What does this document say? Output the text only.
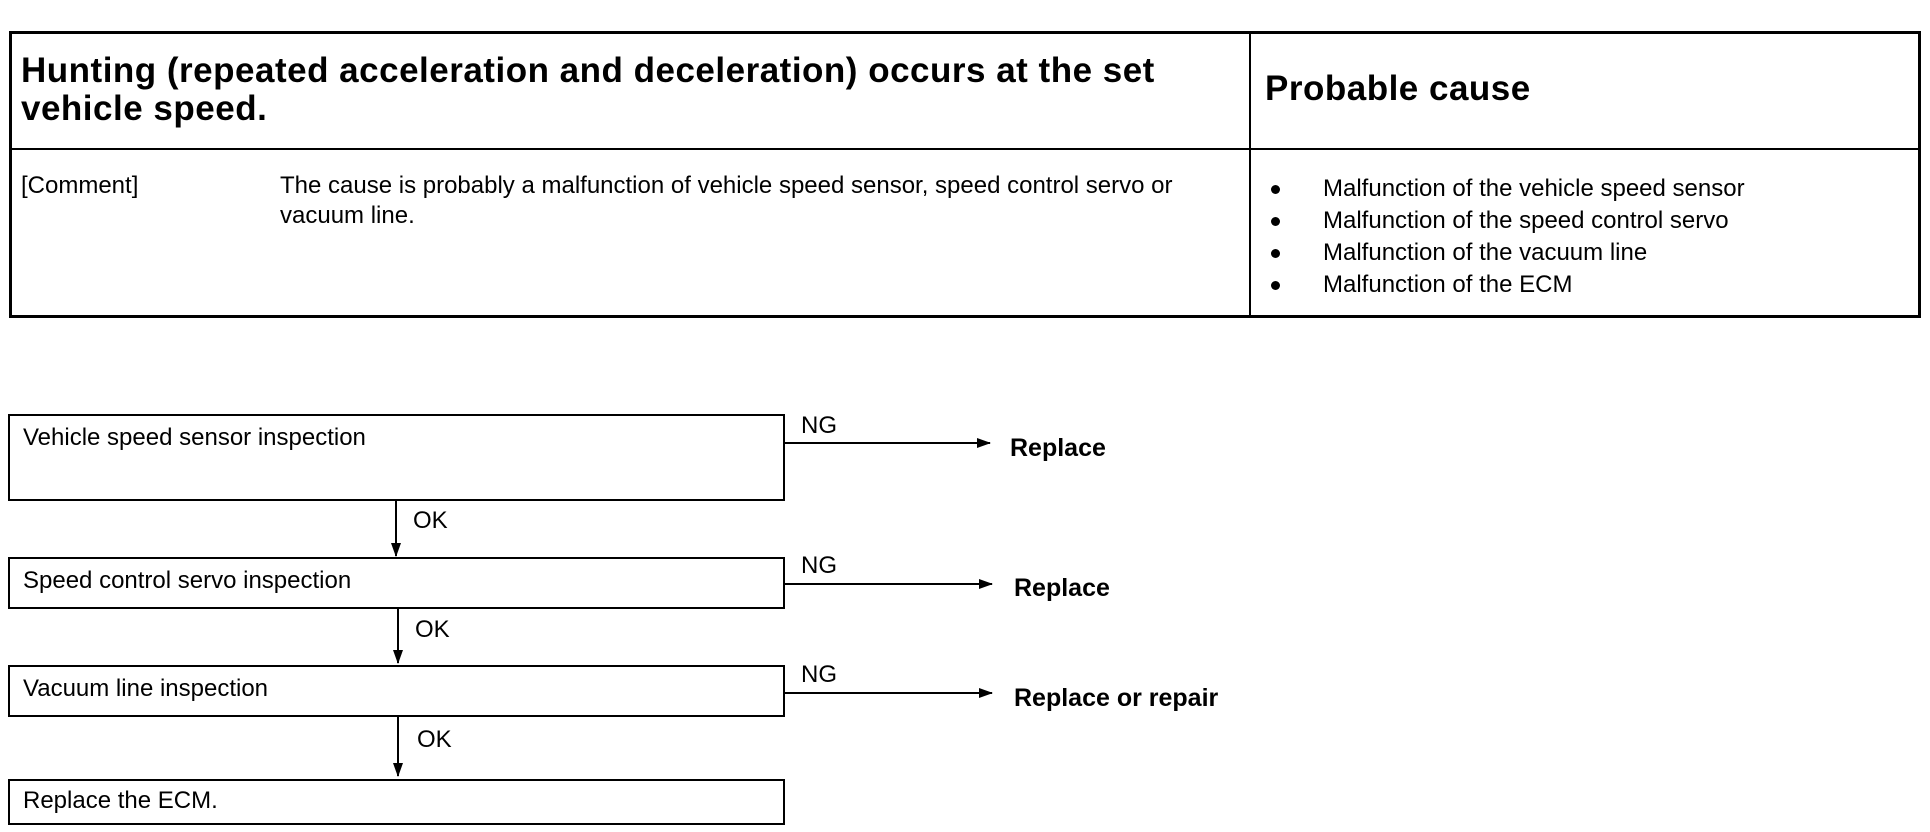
Hunting (repeated acceleration and deceleration) occurs at the set vehicle speed.
Probable cause
[Comment]	The cause is probably a malfunction of vehicle speed sensor, speed control servo or vacuum line.
Malfunction of the vehicle speed sensor
Malfunction of the speed control servo
Malfunction of the vacuum line
Malfunction of the ECM
Vehicle speed sensor inspection	NG
Replace
OK
Speed control servo inspection
NG
Replace
OK
Vacuum line inspection
NG
Replace or repair
OK
Replace the ECM.
